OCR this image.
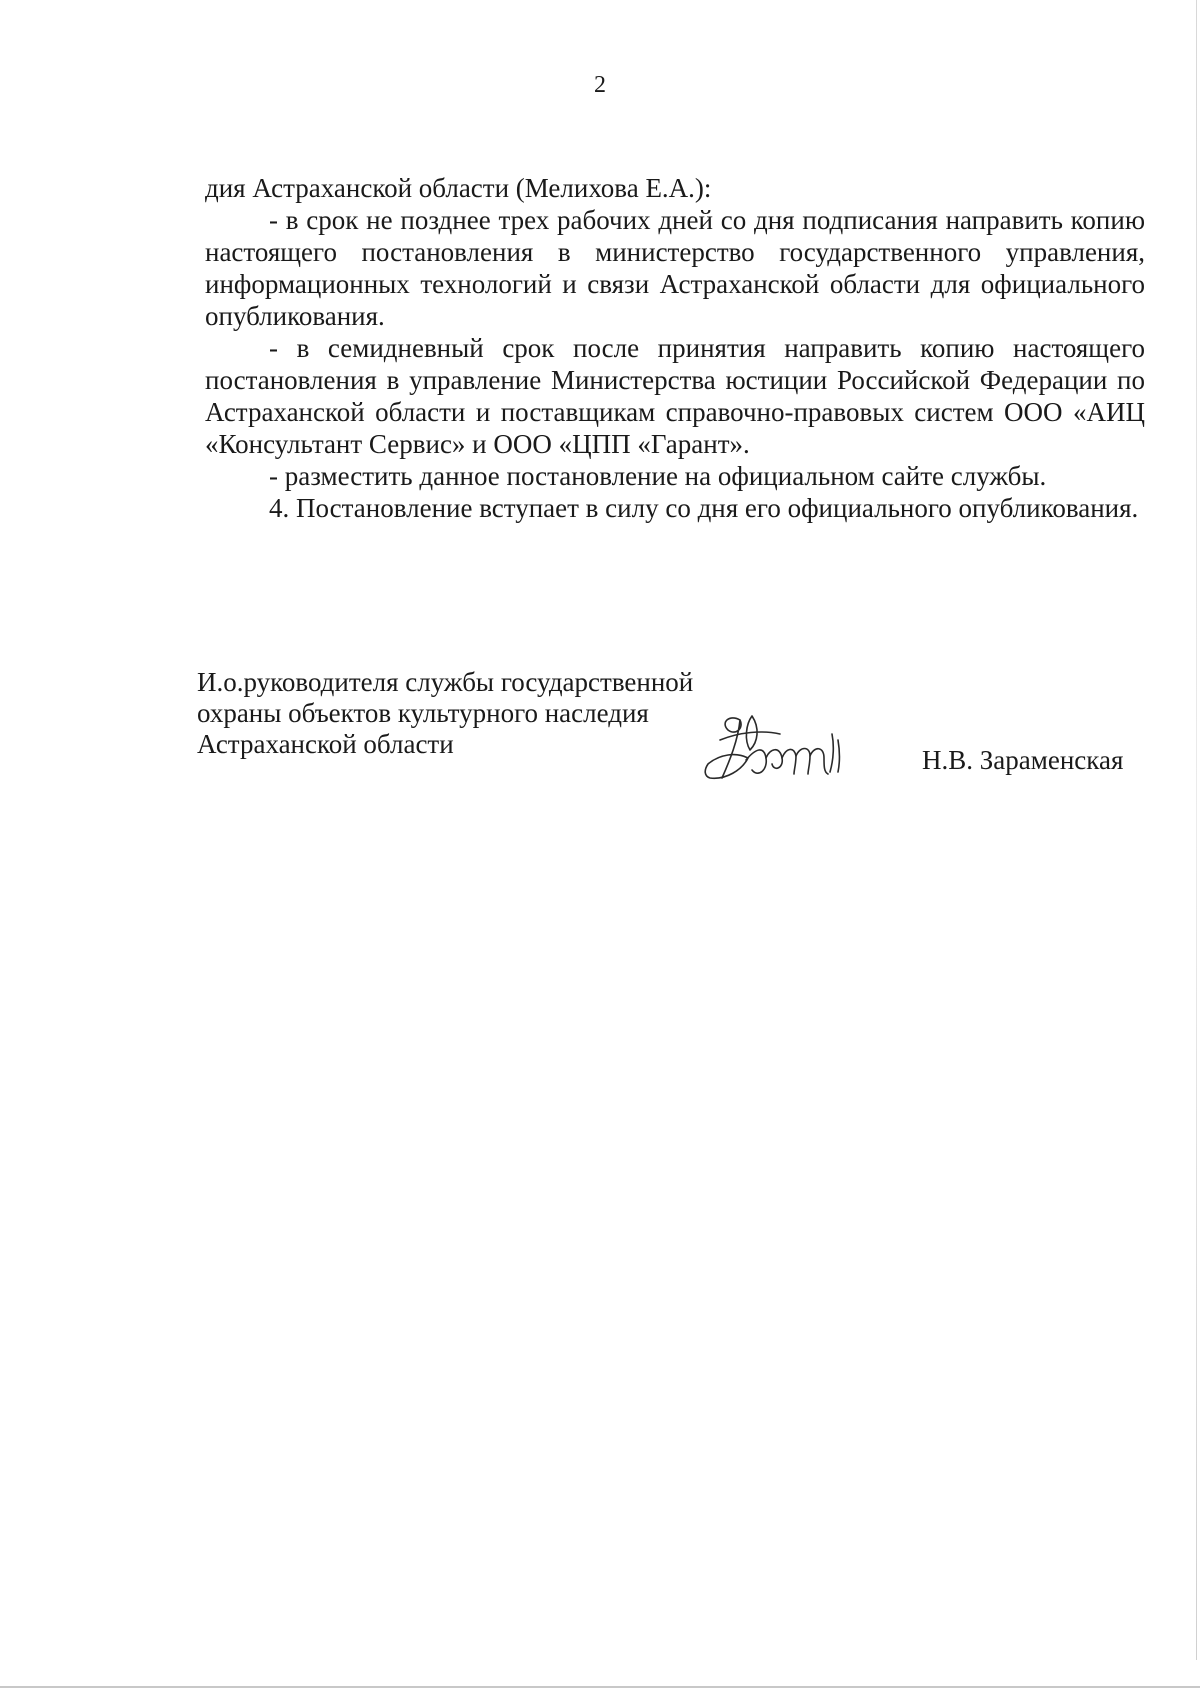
2

дия Астраханской области (Мелихова Е.А.):

- в срок не позднее трех рабочих дней со дня подписания направить копию настоящего постановления в министерство государственного управления, информационных технологий и связи Астраханской области для официального опубликования.

- в семидневный срок после принятия направить копию настоящего постановления в управление Министерства юстиции Российской Федерации по Астраханской области и поставщикам справочно-правовых систем ООО «АИЦ «Консультант Сервис» и ООО «ЦПП «Гарант».

- разместить данное постановление на официальном сайте службы.

4. Постановление вступает в силу со дня его официального опубликования.

И.о.руководителя службы государственной
охраны объектов культурного наследия
Астраханской области
Н.В. Зараменская
